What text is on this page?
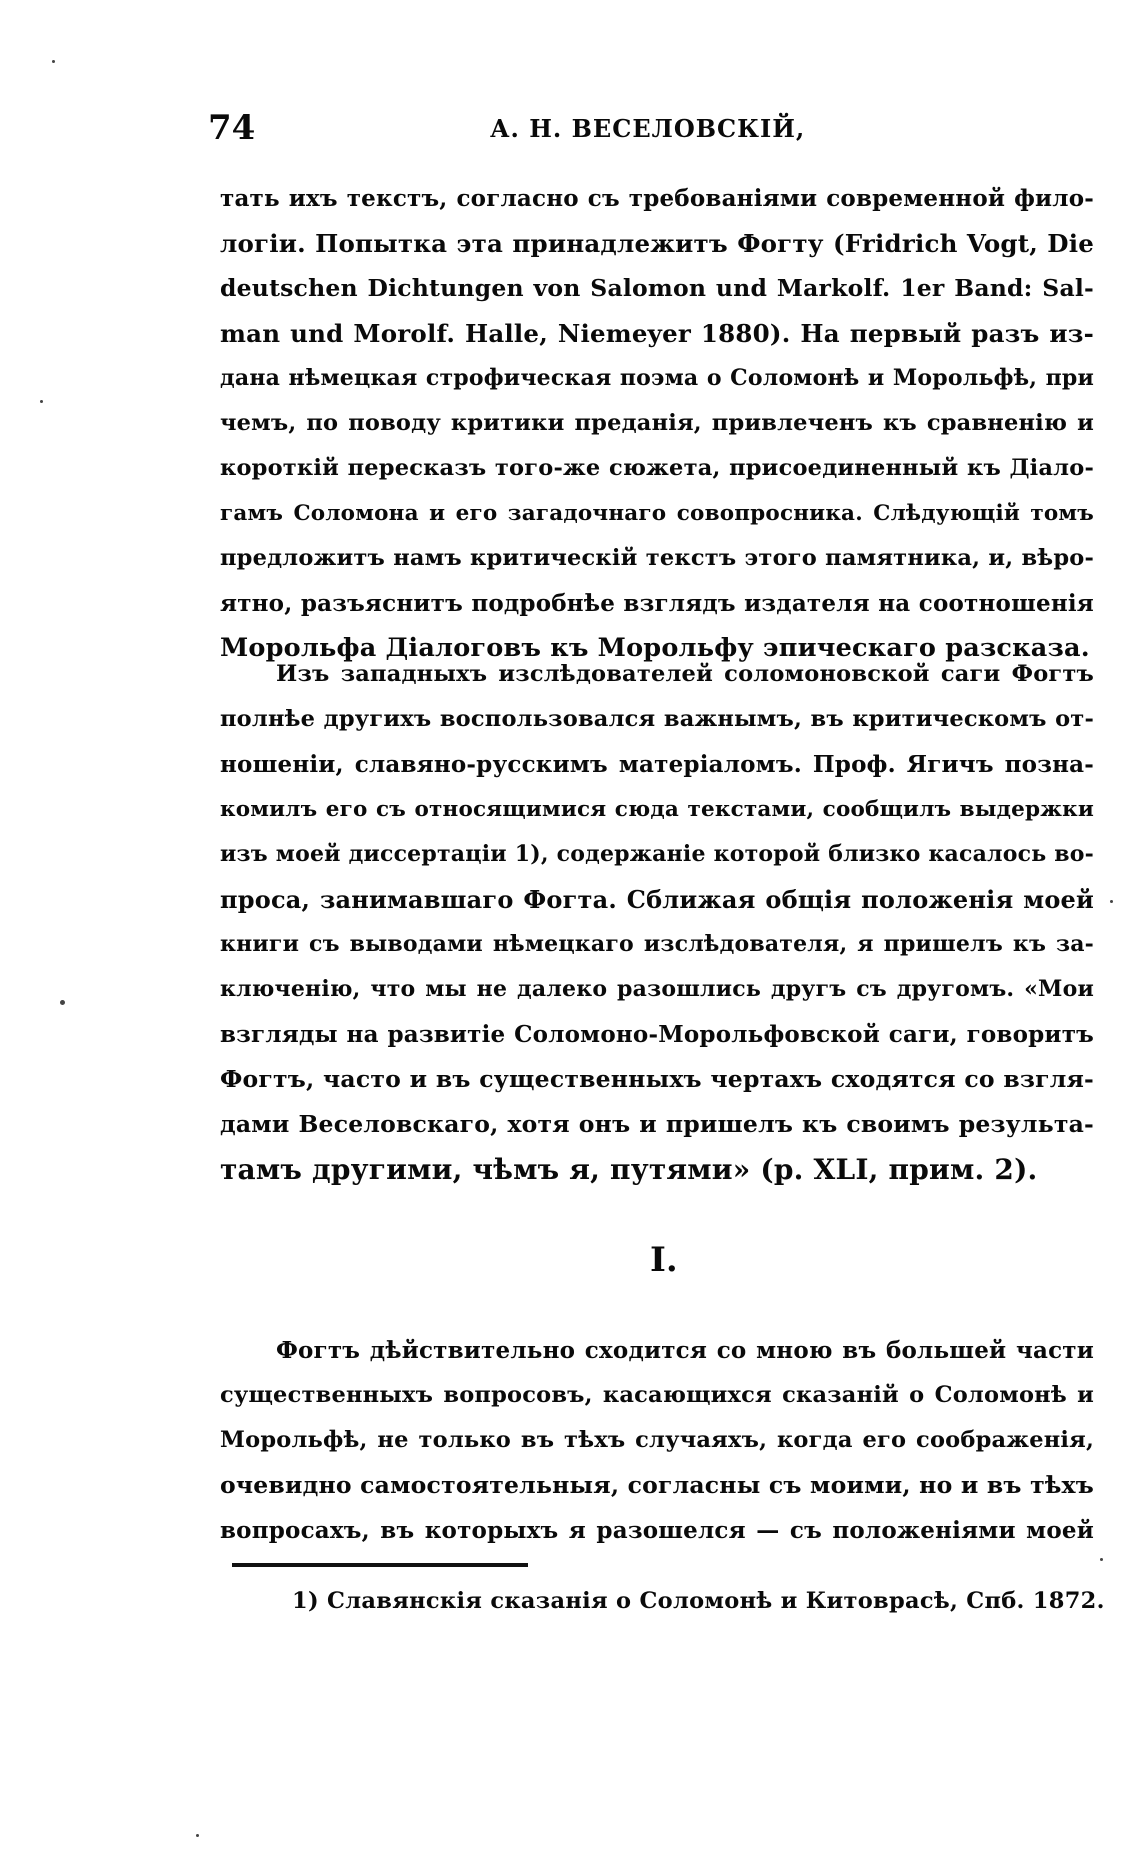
74	А. Н. ВЕСЕЛОВСКІЙ,
тать ихъ текстъ, согласно съ требованіями современной фило-
логіи. Попытка эта принадлежитъ Фогту (Fridrich Vogt, Die
deutschen Dichtungen von Salomon und Markolf. 1er Band: Sal-
man und Morolf. Halle, Niemeyer 1880). На первый разъ из-
дана нѣмецкая строфическая поэма о Соломонѣ и Морольфѣ, при
чемъ, по поводу критики преданія, привлеченъ къ сравненію и
короткій пересказъ того-же сюжета, присоединенный къ Діало-
гамъ Соломона и его загадочнаго совопросника. Слѣдующій томъ
предложитъ намъ критическій текстъ этого памятника, и, вѣро-
ятно, разъяснитъ подробнѣе взглядъ издателя на соотношенія
Морольфа Діалоговъ къ Морольфу эпическаго разсказа.
Изъ западныхъ изслѣдователей соломоновской саги Фогтъ
полнѣе другихъ воспользовался важнымъ, въ критическомъ от-
ношеніи, славяно-русскимъ матеріаломъ. Проф. Ягичъ позна-
комилъ его съ относящимися сюда текстами, сообщилъ выдержки
изъ моей диссертаціи 1), содержаніе которой близко касалось во-
проса, занимавшаго Фогта. Сближая общія положенія моей
книги съ выводами нѣмецкаго изслѣдователя, я пришелъ къ за-
ключенію, что мы не далеко разошлись другъ съ другомъ. «Мои
взгляды на развитіе Соломоно-Морольфовской саги, говоритъ
Фогтъ, часто и въ существенныхъ чертахъ сходятся со взгля-
дами Веселовскаго, хотя онъ и пришелъ къ своимъ результа-
тамъ другими, чѣмъ я, путями» (p. XLI, прим. 2).
I.
Фогтъ дѣйствительно сходится со мною въ большей части
существенныхъ вопросовъ, касающихся сказаній о Соломонѣ и
Морольфѣ, не только въ тѣхъ случаяхъ, когда его соображенія,
очевидно самостоятельныя, согласны съ моими, но и въ тѣхъ
вопросахъ, въ которыхъ я разошелся — съ положеніями моей
1) Славянскія сказанія о Соломонѣ и Китоврасѣ, Спб. 1872.
